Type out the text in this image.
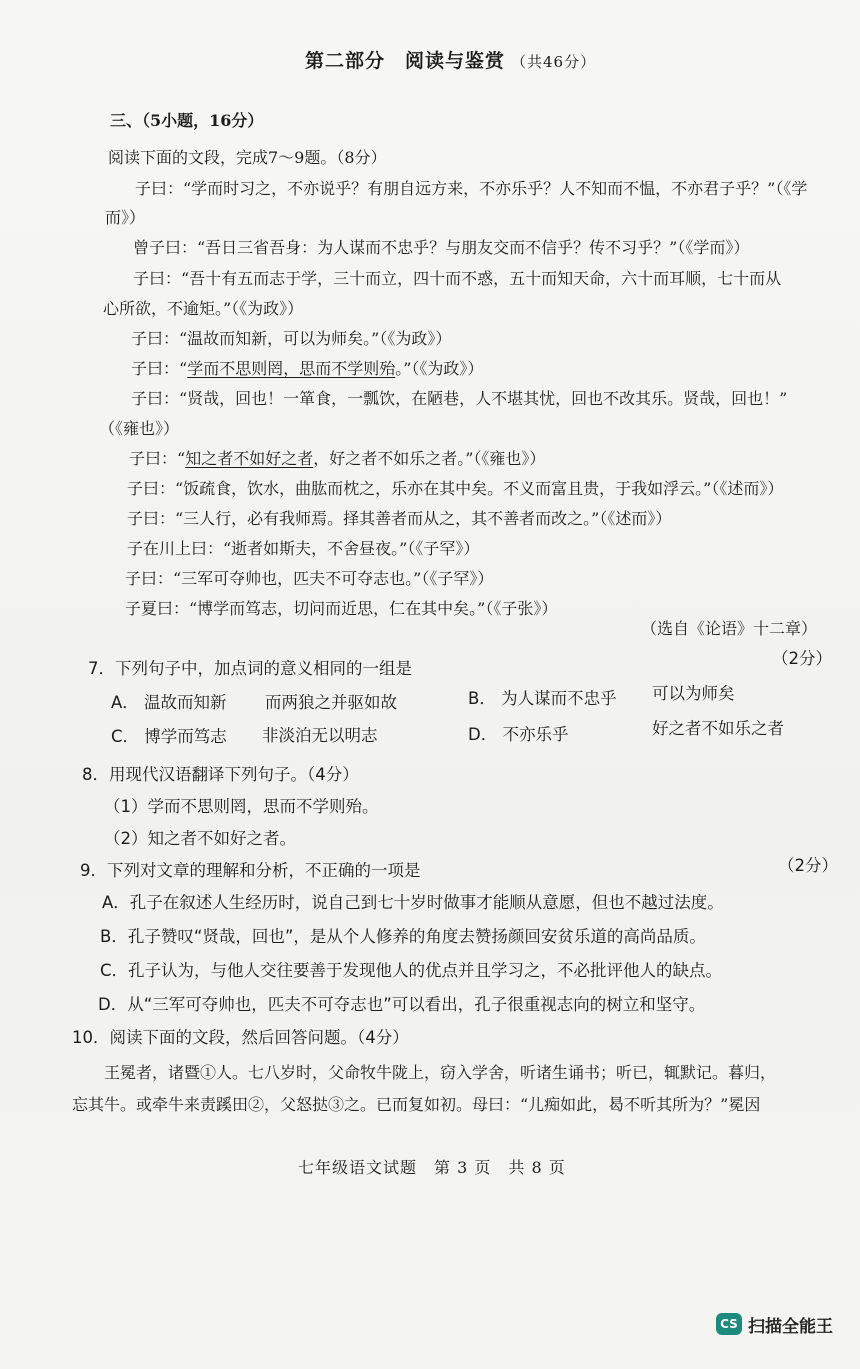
第二部分　阅读与鉴赏 （共46分）
三、（5小题，16分）
阅读下面的文段，完成7～9题。（8分）
子曰：“学而时习之，不亦说乎？有朋自远方来，不亦乐乎？人不知而不愠，不亦君子乎？”（《学
而》）
曾子曰：“吾日三省吾身：为人谋而不忠乎？与朋友交而不信乎？传不习乎？”（《学而》）
子曰：“吾十有五而志于学，三十而立，四十而不惑，五十而知天命，六十而耳顺，七十而从
心所欲，不逾矩。”（《为政》）
子曰：“温故而知新，可以为师矣。”（《为政》）
子曰：“学而不思则罔，思而不学则殆。”（《为政》）
子曰：“贤哉，回也！一箪食，一瓢饮，在陋巷，人不堪其忧，回也不改其乐。贤哉，回也！”
（《雍也》）
子曰：“知之者不如好之者，好之者不如乐之者。”（《雍也》）
子曰：“饭疏食，饮水，曲肱而枕之，乐亦在其中矣。不义而富且贵，于我如浮云。”（《述而》）
子曰：“三人行，必有我师焉。择其善者而从之，其不善者而改之。”（《述而》）
子在川上曰：“逝者如斯夫，不舍昼夜。”（《子罕》）
子曰：“三军可夺帅也，匹夫不可夺志也。”（《子罕》）
子夏曰：“博学而笃志，切问而近思，仁在其中矣。”（《子张》）
（选自《论语》十二章）
7．下列句子中，加点词的意义相同的一组是
（2分）
A． 温故而知新 而两狼之并驱如故	B． 为人谋而不忠乎 可以为师矣
C． 博学而笃志 非淡泊无以明志	D． 不亦乐乎	好之者不如乐之者
8．用现代汉语翻译下列句子。（4分）
（1）学而不思则罔，思而不学则殆。
（2）知之者不如好之者。
9．下列对文章的理解和分析，不正确的一项是	（2分）
A．孔子在叙述人生经历时，说自己到七十岁时做事才能顺从意愿，但也不越过法度。
B．孔子赞叹“贤哉，回也”，是从个人修养的角度去赞扬颜回安贫乐道的高尚品质。
C．孔子认为，与他人交往要善于发现他人的优点并且学习之，不必批评他人的缺点。
D．从“三军可夺帅也，匹夫不可夺志也”可以看出，孔子很重视志向的树立和坚守。
10．阅读下面的文段，然后回答问题。（4分）
王冕者，诸暨①人。七八岁时，父命牧牛陇上，窃入学舍，听诸生诵书；听已，辄默记。暮归，
忘其牛。或牵牛来责蹊田②，父怒挞③之。已而复如初。母曰：“儿痴如此，曷不听其所为？”冕因
七年级语文试题　第 3 页　共 8 页
CS 扫描全能王
